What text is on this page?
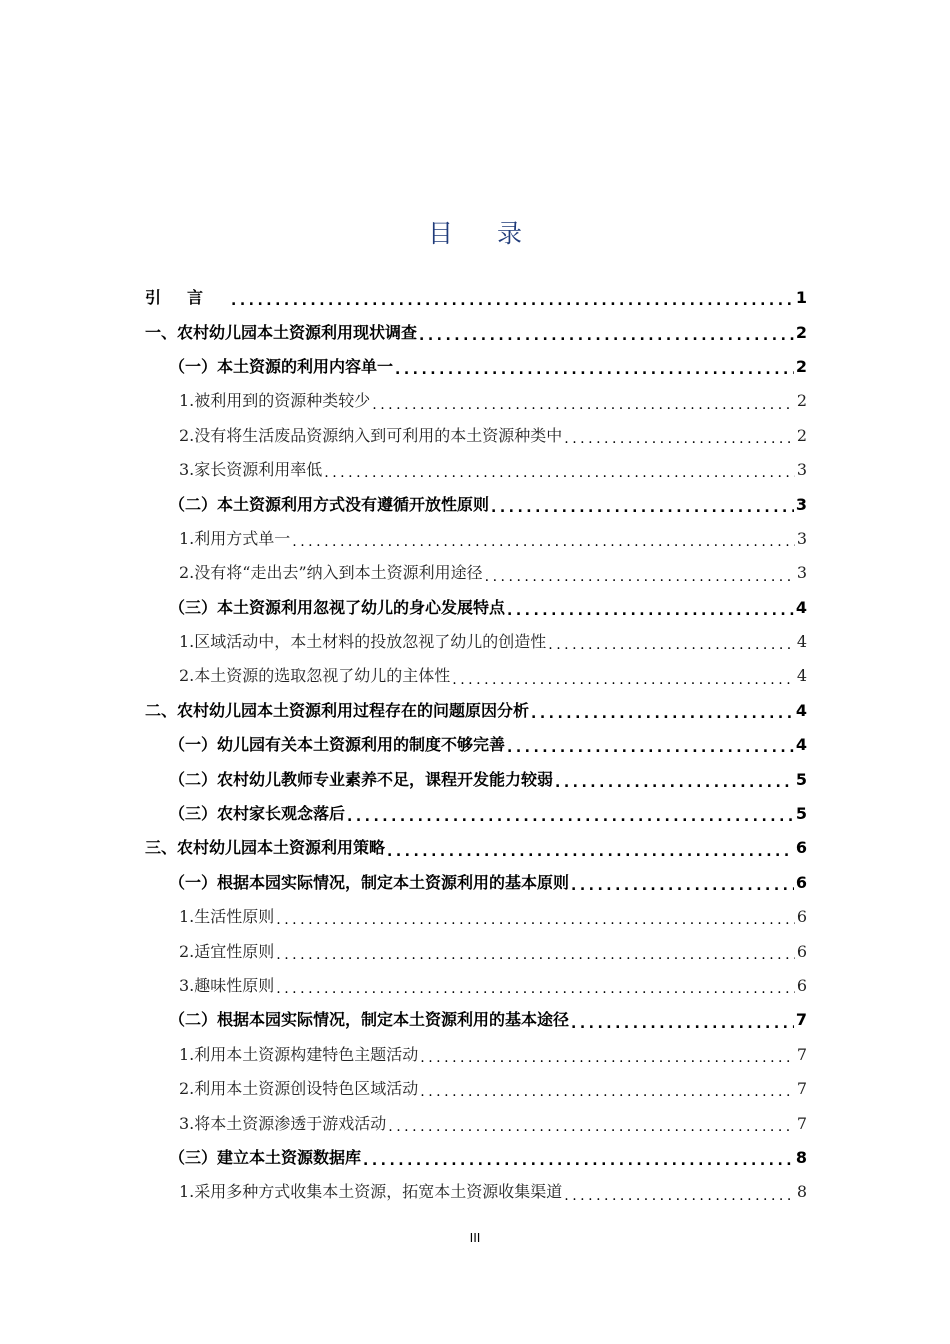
目录
引言 .....	1
一、农村幼儿园本土资源利用现状调查 .....	2
（一）本土资源的利用内容单一 .....	2
1.被利用到的资源种类较少 .....	2
2.没有将生活废品资源纳入到可利用的本土资源种类中 .....	2
3.家长资源利用率低 .....	3
（二）本土资源利用方式没有遵循开放性原则 .....	3
1.利用方式单一 .....	3
2.没有将“走出去”纳入到本土资源利用途径 .....	3
（三）本土资源利用忽视了幼儿的身心发展特点 .....	4
1.区域活动中，本土材料的投放忽视了幼儿的创造性 .....	4
2.本土资源的选取忽视了幼儿的主体性 .....	4
二、农村幼儿园本土资源利用过程存在的问题原因分析 .....	4
（一）幼儿园有关本土资源利用的制度不够完善 .....	4
（二）农村幼儿教师专业素养不足，课程开发能力较弱 .....	5
（三）农村家长观念落后 .....	5
三、农村幼儿园本土资源利用策略 .....	6
（一）根据本园实际情况，制定本土资源利用的基本原则 .....	6
1.生活性原则 .....	6
2.适宜性原则 .....	6
3.趣味性原则 .....	6
（二）根据本园实际情况，制定本土资源利用的基本途径 .....	7
1.利用本土资源构建特色主题活动 .....	7
2.利用本土资源创设特色区域活动 .....	7
3.将本土资源渗透于游戏活动 .....	7
（三）建立本土资源数据库 .....	8
1.采用多种方式收集本土资源，拓宽本土资源收集渠道 .....	8
III
